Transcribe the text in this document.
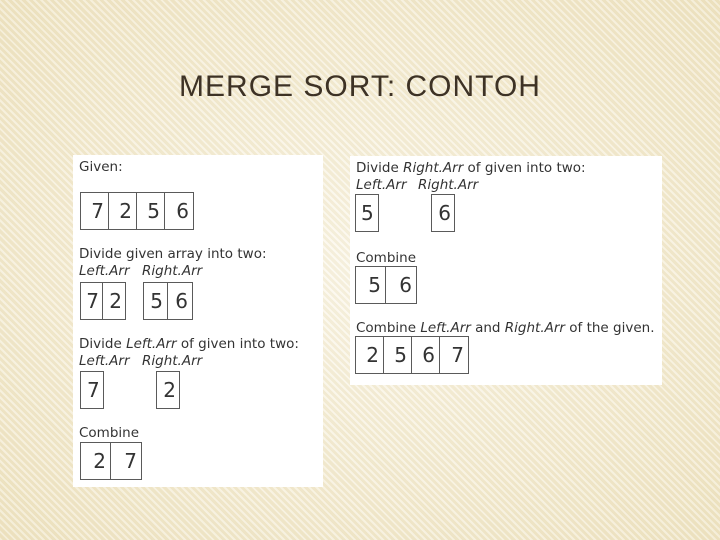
MERGE SORT: CONTOH
Given:
7 2 5 6
Divide given array into two:
Left.Arr Right.Arr
7 2	5 6
Divide Left.Arr of given into two:
Left.Arr Right.Arr
7	2
Combine
2 7
Divide Right.Arr of given into two:
Left.Arr Right.Arr
5	6
Combine
5 6
Combine Left.Arr and Right.Arr of the given.
2 5 6 7
